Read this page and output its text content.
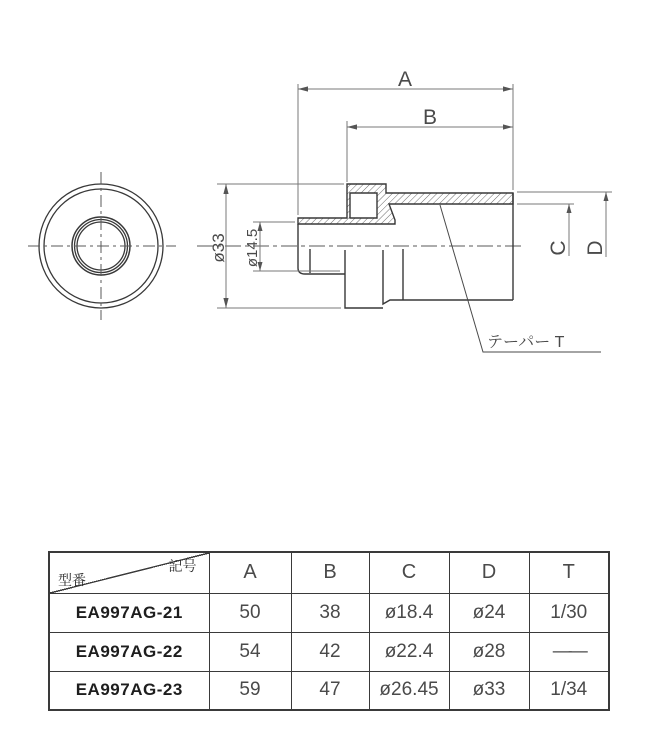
テーパー T
A
B
C D
ø33 ø14.5
記号
型番	A	B	C	D	T
EA997AG-21	50	38	ø18.4	ø24	1/30
EA997AG-22	54	42	ø22.4	ø28	——
EA997AG-23	59	47	ø26.45	ø33	1/34
